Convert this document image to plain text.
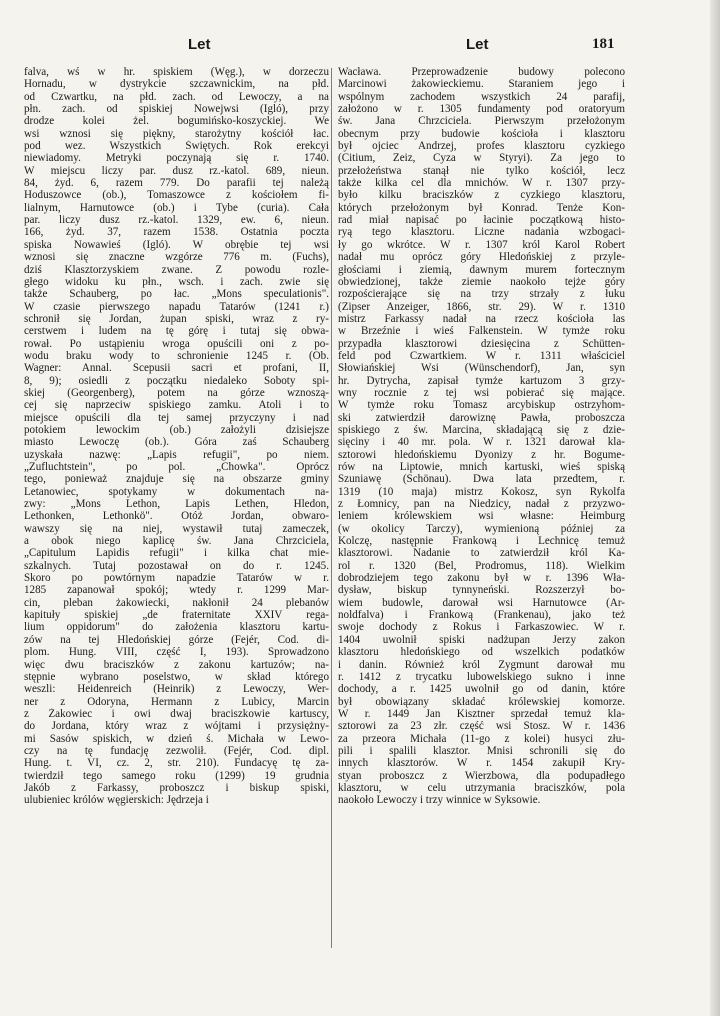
Let	Let	181
falva, wś w hr. spiskiem (Węg.), w dorzeczu
Hornadu, w dystrykcie szczawnickim, na płd.
od Czwartku, na płd. zach. od Lewoczy, a na
płn. zach. od spiskiej Nowejwsi (Igló), przy
drodze kolei żel. bogumińsko-koszyckiej. We
wsi wznosi się piękny, starożytny kościół łac.
pod wez. Wszystkich Świętych. Rok erekcyi
niewiadomy. Metryki poczynają się r. 1740.
W miejscu liczy par. dusz rz.-katol. 689, nieun.
84, żyd. 6, razem 779. Do parafii tej należą
Hoduszowce (ob.), Tomaszowce z kościołem fi-
lialnym, Harnutowce (ob.) i Tybe (curia). Cała
par. liczy dusz rz.-katol. 1329, ew. 6, nieun.
166, żyd. 37, razem 1538. Ostatnia poczta
spiska Nowawieś (Igló). W obrębie tej wsi
wznosi się znaczne wzgórze 776 m. (Fuchs),
dziś Klasztorzyskiem zwane. Z powodu rozle-
głego widoku ku płn., wsch. i zach. zwie się
także Schauberg, po łac. „Mons speculationis".
W czasie pierwszego napadu Tatarów (1241 r.)
schronił się Jordan, żupan spiski, wraz z ry-
cerstwem i ludem na tę górę i tutaj się obwa-
rował. Po ustąpieniu wroga opuścili oni z po-
wodu braku wody to schronienie 1245 r. (Ob.
Wagner: Annal. Scepusii sacri et profani, II,
8, 9); osiedli z początku niedaleko Soboty spi-
skiej (Georgenberg), potem na górze wznoszą-
cej się naprzeciw spiskiego zamku. Atoli i to
miejsce opuścili dla tej samej przyczyny i nad
potokiem lewockim (ob.) założyli dzisiejsze
miasto Lewoczę (ob.). Góra zaś Schauberg
uzyskała nazwę: „Lapis refugii", po niem.
„Zufluchtstein", po pol. „Chowka". Oprócz
tego, ponieważ znajduje się na obszarze gminy
Letanowiec, spotykamy w dokumentach na-
zwy: „Mons Lethon, Lapis Lethen, Hledon,
Lethonken, Lethonkö". Otóż Jordan, obwaro-
wawszy się na niej, wystawił tutaj zameczek,
a obok niego kaplicę św. Jana Chrzciciela,
„Capitulum Lapidis refugii" i kilka chat mie-
szkalnych. Tutaj pozostawał on do r. 1245.
Skoro po powtórnym napadzie Tatarów w r.
1285 zapanował spokój; wtedy r. 1299 Mar-
cin, pleban żakowiecki, nakłonił 24 plebanów
kapituły spiskiej „de fraternitate XXIV rega-
lium oppidorum" do założenia klasztoru kartu-
zów na tej Hledońskiej górze (Fejér, Cod. di-
plom. Hung. VIII, część I, 193). Sprowadzono
więc dwu braciszków z zakonu kartuzów; na-
stępnie wybrano poselstwo, w skład którego
weszli: Heidenreich (Heinrik) z Lewoczy, Wer-
ner z Odoryna, Hermann z Lubicy, Marcin
z Żakowiec i owi dwaj braciszkowie kartuscy,
do Jordana, który wraz z wójtami i przysiężny-
mi Sasów spiskich, w dzień ś. Michała w Lewo-
czy na tę fundację zezwolił. (Fejér, Cod. dipl.
Hung. t. VI, cz. 2, str. 210). Fundacyę tę za-
twierdził tego samego roku (1299) 19 grudnia
Jakób z Farkassy, proboszcz i biskup spiski,
ulubieniec królów węgierskich: Jędrzeja i
Wacława. Przeprowadzenie budowy polecono
Marcinowi żakowieckiemu. Staraniem jego i
wspólnym zachodem wszystkich 24 parafij,
założono w r. 1305 fundamenty pod oratoryum
św. Jana Chrzciciela. Pierwszym przełożonym
obecnym przy budowie kościoła i klasztoru
był ojciec Andrzej, profes klasztoru cyzkiego
(Citium, Zeiz, Cyza w Styryi). Za jego to
przełożeństwa stanął nie tylko kościół, lecz
także kilka cel dla mnichów. W r. 1307 przy-
było kilku braciszków z cyzkiego klasztoru,
których przełożonym był Konrad. Tenże Kon-
rad miał napisać po łacinie początkową histo-
ryą tego klasztoru. Liczne nadania wzbogaci-
ły go wkrótce. W r. 1307 król Karol Robert
nadał mu oprócz góry Hledońskiej z przyle-
głościami i ziemią, dawnym murem fortecznym
obwiedzionej, także ziemie naokoło tejże góry
rozpościerające się na trzy strzały z łuku
(Zipser Anzeiger, 1866, str. 29). W r. 1310
mistrz Farkassy nadał na rzecz kościoła las
w Brzeźnie i wieś Falkenstein. W tymże roku
przypadła klasztorowi dziesięcina z Schütten-
feld pod Czwartkiem. W r. 1311 właściciel
Słowiańskiej Wsi (Wünschendorf), Jan, syn
hr. Dytrycha, zapisał tymże kartuzom 3 grzy-
wny rocznie z tej wsi pobierać się mające.
W tymże roku Tomasz arcybiskup ostrzyhom-
ski zatwierdził darowiznę Pawła, proboszcza
spiskiego z św. Marcina, składającą się z dzie-
sięciny i 40 mr. pola. W r. 1321 darował kla-
sztorowi hledońskiemu Dyonizy z hr. Bogume-
rów na Liptowie, mnich kartuski, wieś spiską
Szuniawę (Schönau). Dwa lata przedtem, r.
1319 (10 maja) mistrz Kokosz, syn Rykolfa
z Łomnicy, pan na Niedzicy, nadał z przyzwo-
leniem królewskiem wsi własne: Heimburg
(w okolicy Tarczy), wymienioną później za
Kolczę, następnie Frankową i Lechnicę temuż
klasztorowi. Nadanie to zatwierdził król Ka-
rol r. 1320 (Bel, Prodromus, 118). Wielkim
dobrodziejem tego zakonu był w r. 1396 Wła-
dysław, biskup tynnyneński. Rozszerzył bo-
wiem budowle, darował wsi Harnutowce (Ar-
noldfalva) i Frankową (Frankenau), jako też
swoje dochody z Rokus i Farkaszowiec. W r.
1404 uwolnił spiski nadżupan Jerzy zakon
klasztoru hledońskiego od wszelkich podatków
i danin. Również król Zygmunt darował mu
r. 1412 z trycatku lubowelskiego sukno i inne
dochody, a r. 1425 uwolnił go od danin, które
był obowiązany składać królewskiej komorze.
W r. 1449 Jan Kisztner sprzedał temuż kla-
sztorowi za 23 złr. część wsi Stosz. W r. 1436
za przeora Michała (11-go z kolei) husyci złu-
pili i spalili klasztor. Mnisi schronili się do
innych klasztorów. W r. 1454 zakupił Kry-
styan proboszcz z Wierzbowa, dla podupadłego
klasztoru, w celu utrzymania braciszków, pola
naokoło Lewoczy i trzy winnice w Syksowie.
